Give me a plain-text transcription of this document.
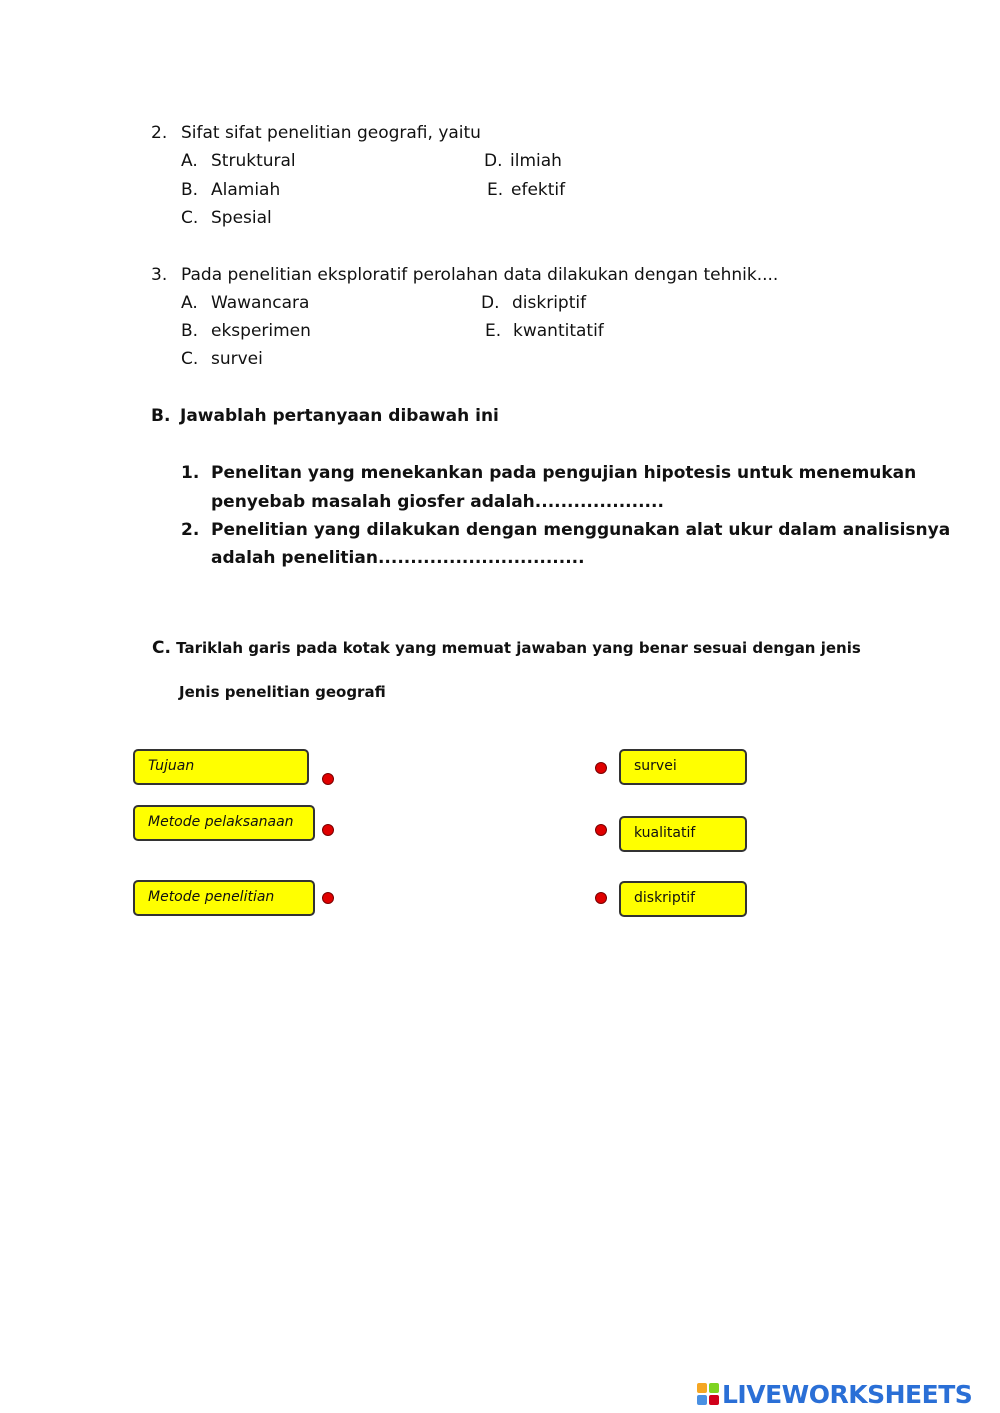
2. Sifat sifat penelitian geografi, yaitu
A. Struktural
B. Alamiah
C. Spesial
D. ilmiah
E. efektif
3. Pada penelitian eksploratif perolahan data dilakukan dengan tehnik....
A. Wawancara
B. eksperimen
C. survei
D. diskriptif
E. kwantitatif
B. Jawablah pertanyaan dibawah ini
1. Penelitan yang menekankan pada pengujian hipotesis untuk menemukan
penyebab masalah giosfer adalah....................
2. Penelitian yang dilakukan dengan menggunakan alat ukur dalam analisisnya
adalah penelitian................................
C. Tariklah garis pada kotak yang memuat jawaban yang benar sesuai dengan jenis
Jenis penelitian geografi
Tujuan
Metode pelaksanaan
Metode penelitian
survei
kualitatif
diskriptif
LIVEWORKSHEETS
